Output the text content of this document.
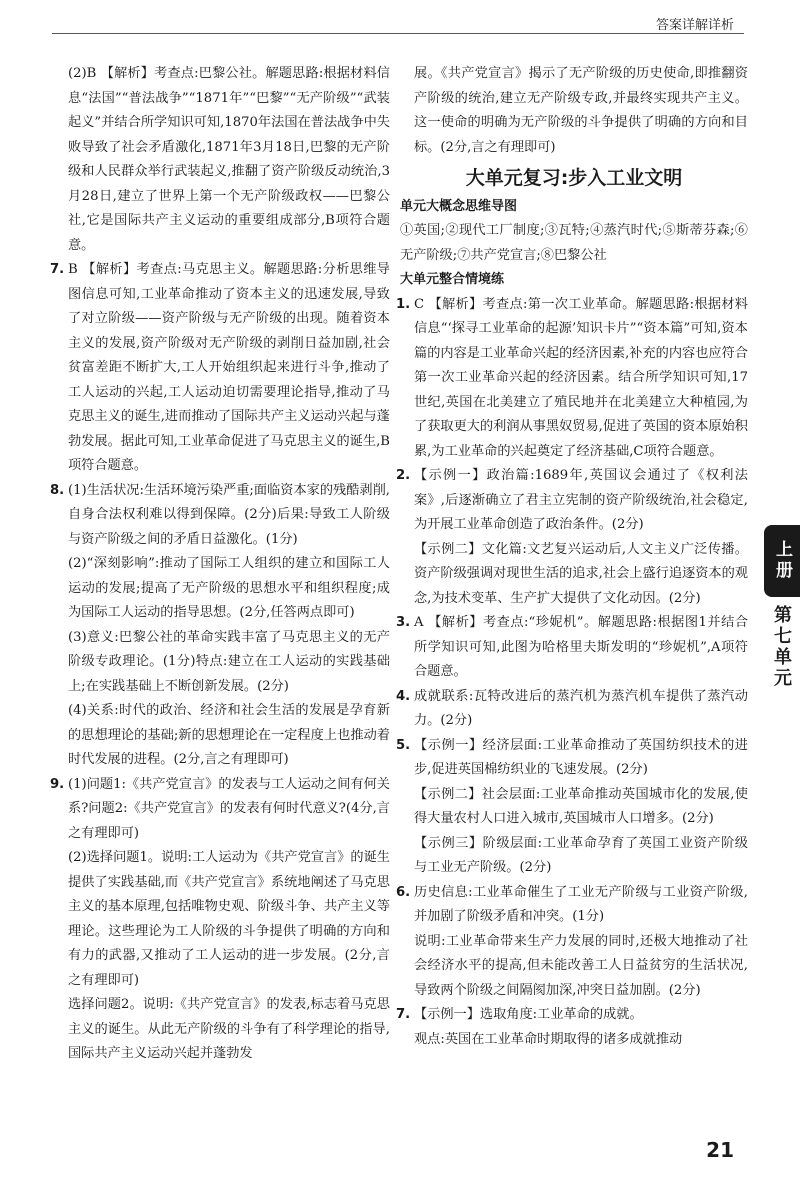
答案详解详析

(2)B 【解析】考查点:巴黎公社。解题思路:根据材料信息“法国”“普法战争”“1871年”“巴黎”“无产阶级”“武装起义”并结合所学知识可知,1870年法国在普法战争中失败导致了社会矛盾激化,1871年3月18日,巴黎的无产阶级和人民群众举行武装起义,推翻了资产阶级反动统治,3月28日,建立了世界上第一个无产阶级政权——巴黎公社,它是国际共产主义运动的重要组成部分,B项符合题意。

7. B 【解析】考查点:马克思主义。解题思路:分析思维导图信息可知,工业革命推动了资本主义的迅速发展,导致了对立阶级——资产阶级与无产阶级的出现。随着资本主义的发展,资产阶级对无产阶级的剥削日益加剧,社会贫富差距不断扩大,工人开始组织起来进行斗争,推动了工人运动的兴起,工人运动迫切需要理论指导,推动了马克思主义的诞生,进而推动了国际共产主义运动兴起与蓬勃发展。据此可知,工业革命促进了马克思主义的诞生,B项符合题意。

8. (1)生活状况:生活环境污染严重;面临资本家的残酷剥削,自身合法权利难以得到保障。(2分)后果:导致工人阶级与资产阶级之间的矛盾日益激化。(1分)

(2)“深刻影响”:推动了国际工人组织的建立和国际工人运动的发展;提高了无产阶级的思想水平和组织程度;成为国际工人运动的指导思想。(2分,任答两点即可)

(3)意义:巴黎公社的革命实践丰富了马克思主义的无产阶级专政理论。(1分)特点:建立在工人运动的实践基础上;在实践基础上不断创新发展。(2分)

(4)关系:时代的政治、经济和社会生活的发展是孕育新的思想理论的基础;新的思想理论在一定程度上也推动着时代发展的进程。(2分,言之有理即可)

9. (1)问题1:《共产党宣言》的发表与工人运动之间有何关系?问题2:《共产党宣言》的发表有何时代意义?(4分,言之有理即可)

(2)选择问题1。说明:工人运动为《共产党宣言》的诞生提供了实践基础,而《共产党宣言》系统地阐述了马克思主义的基本原理,包括唯物史观、阶级斗争、共产主义等理论。这些理论为工人阶级的斗争提供了明确的方向和有力的武器,又推动了工人运动的进一步发展。(2分,言之有理即可)

选择问题2。说明:《共产党宣言》的发表,标志着马克思主义的诞生。从此无产阶级的斗争有了科学理论的指导,国际共产主义运动兴起并蓬勃发

展。《共产党宣言》揭示了无产阶级的历史使命,即推翻资产阶级的统治,建立无产阶级专政,并最终实现共产主义。这一使命的明确为无产阶级的斗争提供了明确的方向和目标。(2分,言之有理即可)

大单元复习:步入工业文明
单元大概念思维导图

①英国;②现代工厂制度;③瓦特;④蒸汽时代;⑤斯蒂芬森;⑥无产阶级;⑦共产党宣言;⑧巴黎公社

大单元整合情境练
1. C 【解析】考查点:第一次工业革命。解题思路:根据材料信息“‘探寻工业革命的起源’知识卡片”“资本篇”可知,资本篇的内容是工业革命兴起的经济因素,补充的内容也应符合第一次工业革命兴起的经济因素。结合所学知识可知,17世纪,英国在北美建立了殖民地并在北美建立大种植园,为了获取更大的利润从事黑奴贸易,促进了英国的资本原始积累,为工业革命的兴起奠定了经济基础,C项符合题意。

2. 【示例一】政治篇:1689年,英国议会通过了《权利法案》,后逐渐确立了君主立宪制的资产阶级统治,社会稳定,为开展工业革命创造了政治条件。(2分)

【示例二】文化篇:文艺复兴运动后,人文主义广泛传播。资产阶级强调对现世生活的追求,社会上盛行追逐资本的观念,为技术变革、生产扩大提供了文化动因。(2分)

3. A 【解析】考查点:“珍妮机”。解题思路:根据图1并结合所学知识可知,此图为哈格里夫斯发明的“珍妮机”,A项符合题意。

4. 成就联系:瓦特改进后的蒸汽机为蒸汽机车提供了蒸汽动力。(2分)

5. 【示例一】经济层面:工业革命推动了英国纺织技术的进步,促进英国棉纺织业的飞速发展。(2分)

【示例二】社会层面:工业革命推动英国城市化的发展,使得大量农村人口进入城市,英国城市人口增多。(2分)

【示例三】阶级层面:工业革命孕育了英国工业资产阶级与工业无产阶级。(2分)

6. 历史信息:工业革命催生了工业无产阶级与工业资产阶级,并加剧了阶级矛盾和冲突。(1分)

说明:工业革命带来生产力发展的同时,还极大地推动了社会经济水平的提高,但未能改善工人日益贫穷的生活状况,导致两个阶级之间隔阂加深,冲突日益加剧。(2分)

7. 【示例一】选取角度:工业革命的成就。

观点:英国在工业革命时期取得的诸多成就推动

上册
第七单元
21
